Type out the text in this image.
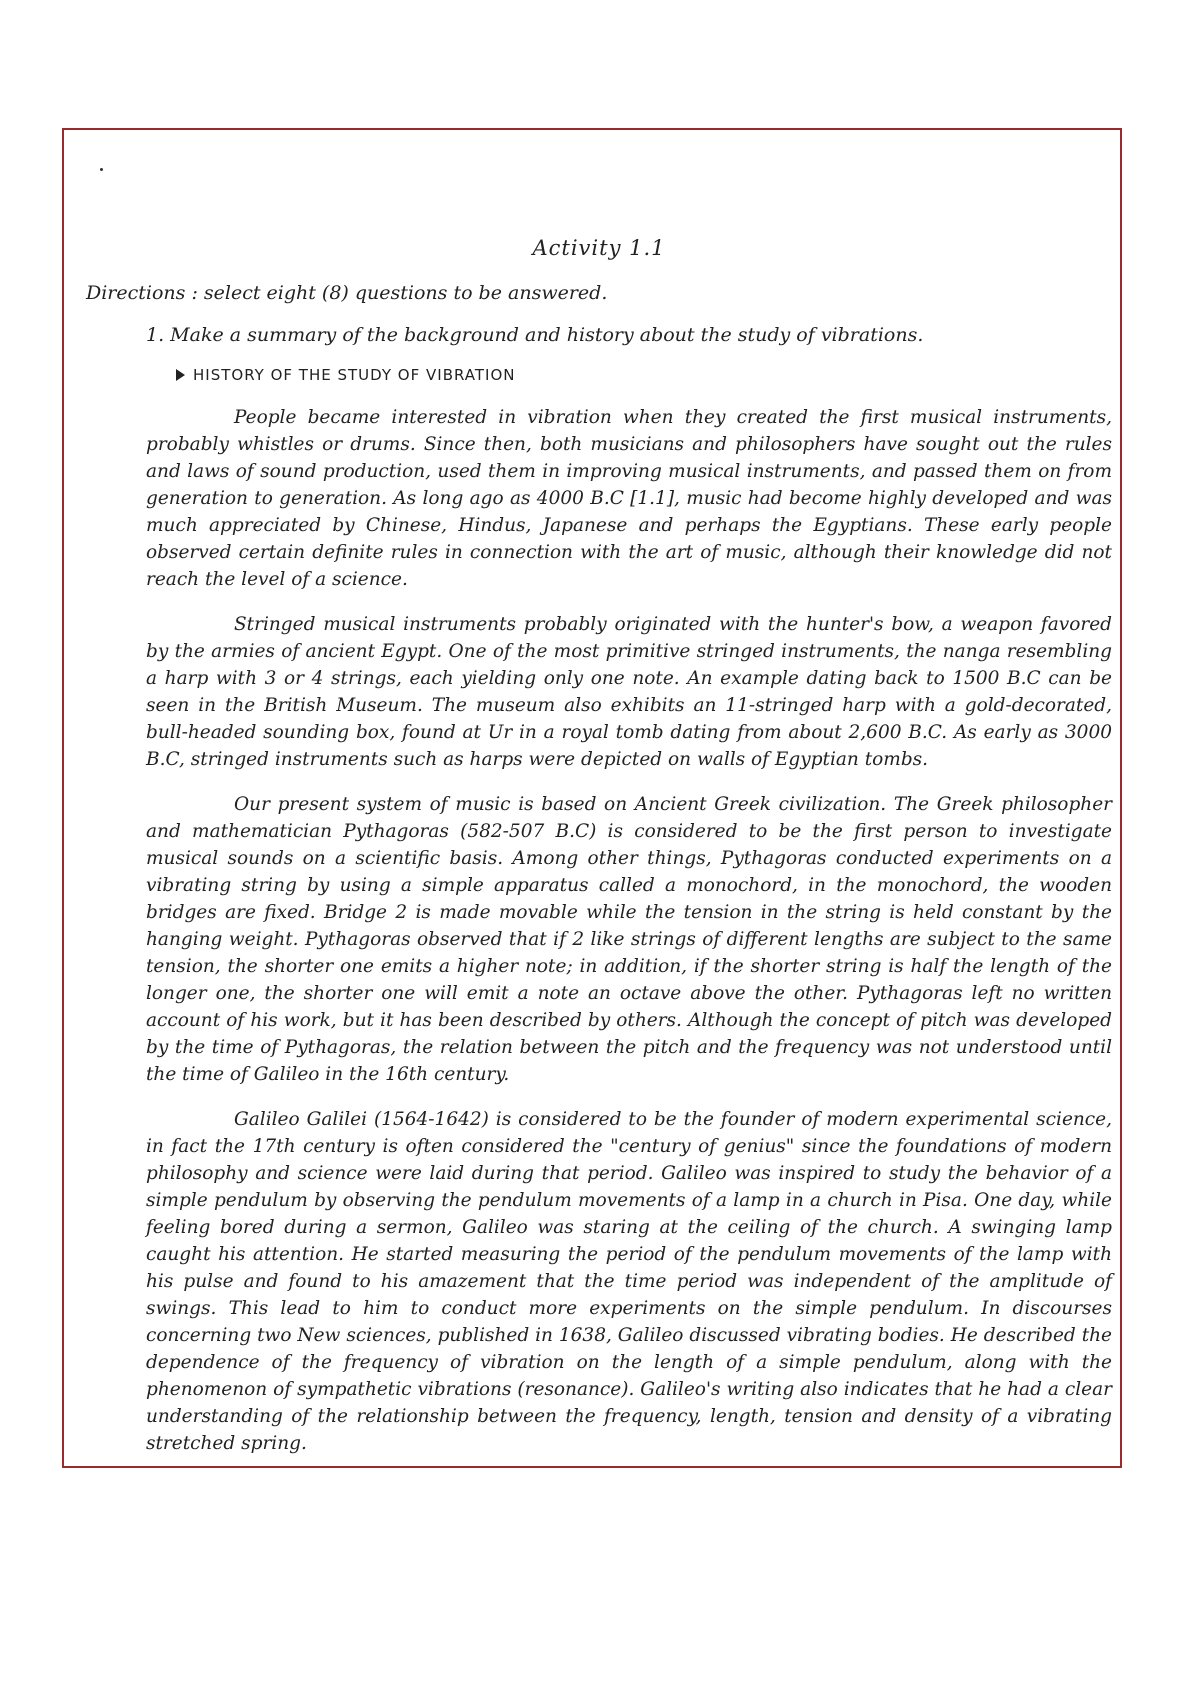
Activity 1.1
Directions : select eight (8) questions to be answered.
1. Make a summary of the background and history about the study of vibrations.
HISTORY OF THE STUDY OF VIBRATION

People became interested in vibration when they created the first musical instruments, probably whistles or drums. Since then, both musicians and philosophers have sought out the rules and laws of sound production, used them in improving musical instruments, and passed them on from generation to generation. As long ago as 4000 B.C [1.1], music had become highly developed and was much appreciated by Chinese, Hindus, Japanese and perhaps the Egyptians. These early people observed certain definite rules in connection with the art of music, although their knowledge did not reach the level of a science.

Stringed musical instruments probably originated with the hunter's bow, a weapon favored by the armies of ancient Egypt. One of the most primitive stringed instruments, the nanga resembling a harp with 3 or 4 strings, each yielding only one note. An example dating back to 1500 B.C can be seen in the British Museum. The museum also exhibits an 11-stringed harp with a gold-decorated, bull-headed sounding box, found at Ur in a royal tomb dating from about 2,600 B.C. As early as 3000 B.C, stringed instruments such as harps were depicted on walls of Egyptian tombs.

Our present system of music is based on Ancient Greek civilization. The Greek philosopher and mathematician Pythagoras (582-507 B.C) is considered to be the first person to investigate musical sounds on a scientific basis. Among other things, Pythagoras conducted experiments on a vibrating string by using a simple apparatus called a monochord, in the monochord, the wooden bridges are fixed. Bridge 2 is made movable while the tension in the string is held constant by the hanging weight. Pythagoras observed that if 2 like strings of different lengths are subject to the same tension, the shorter one emits a higher note; in addition, if the shorter string is half the length of the longer one, the shorter one will emit a note an octave above the other. Pythagoras left no written account of his work, but it has been described by others. Although the concept of pitch was developed by the time of Pythagoras, the relation between the pitch and the frequency was not understood until the time of Galileo in the 16th century.

Galileo Galilei (1564-1642) is considered to be the founder of modern experimental science, in fact the 17th century is often considered the "century of genius" since the foundations of modern philosophy and science were laid during that period. Galileo was inspired to study the behavior of a simple pendulum by observing the pendulum movements of a lamp in a church in Pisa. One day, while feeling bored during a sermon, Galileo was staring at the ceiling of the church. A swinging lamp caught his attention. He started measuring the period of the pendulum movements of the lamp with his pulse and found to his amazement that the time period was independent of the amplitude of swings. This lead to him to conduct more experiments on the simple pendulum. In discourses concerning two New sciences, published in 1638, Galileo discussed vibrating bodies. He described the dependence of the frequency of vibration on the length of a simple pendulum, along with the phenomenon of sympathetic vibrations (resonance). Galileo's writing also indicates that he had a clear understanding of the relationship between the frequency, length, tension and density of a vibrating stretched spring.
